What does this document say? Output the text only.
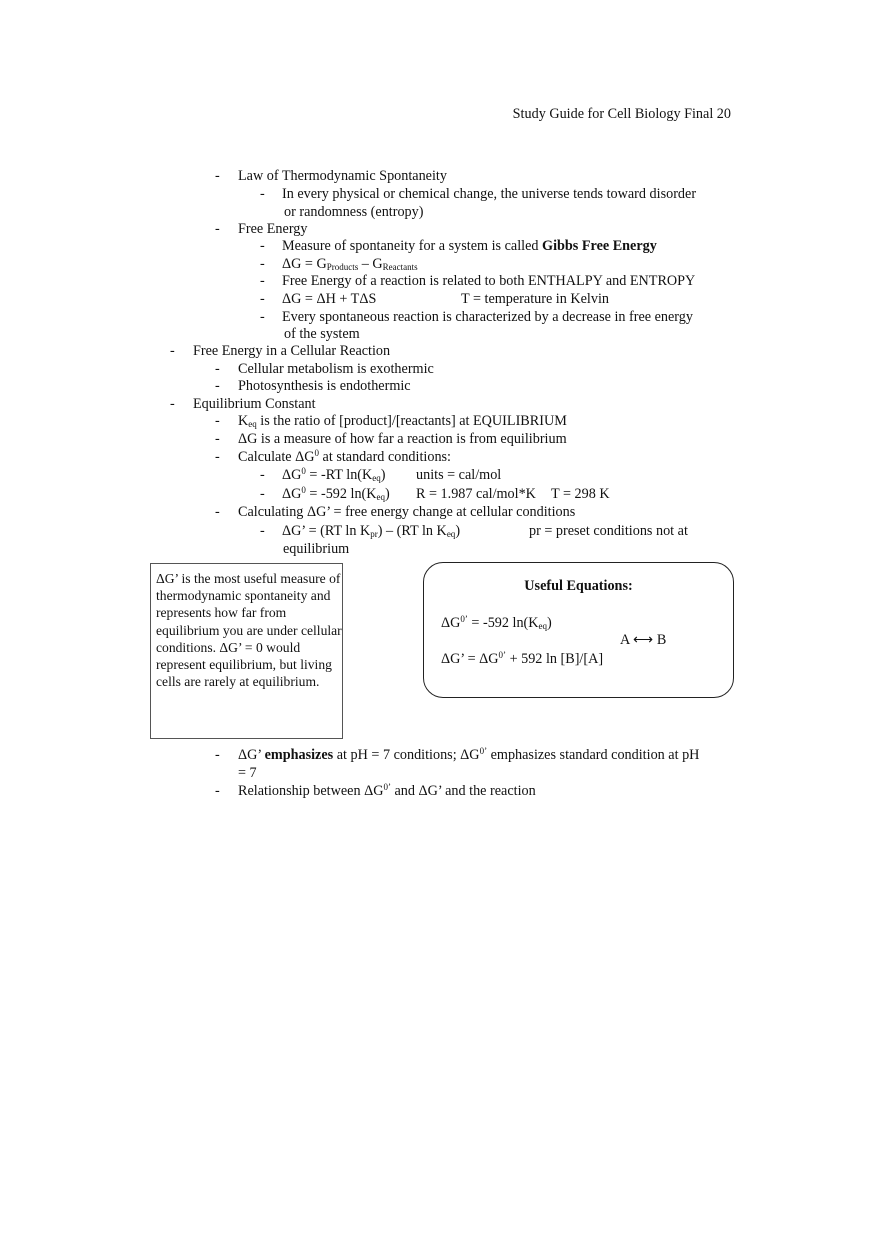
Study Guide for Cell Biology Final 20
- Law of Thermodynamic Spontaneity
- In every physical or chemical change, the universe tends toward disorder
or randomness (entropy)
- Free Energy
- Measure of spontaneity for a system is called Gibbs Free Energy
- $\Delta G = G_{Products} - G_{Reactants}$
- Free Energy of a reaction is related to both ENTHALPY and ENTROPY
- ΔG = ΔH + TΔS	T = temperature in Kelvin
- Every spontaneous reaction is characterized by a decrease in free energy
of the system
- Free Energy in a Cellular Reaction
- Cellular metabolism is exothermic
- Photosynthesis is endothermic
- Equilibrium Constant
- $K_{eq}$ is the ratio of [product]/[reactants] at EQUILIBRIUM
- ΔG is a measure of how far a reaction is from equilibrium
- Calculate $\Delta G^0$ at standard conditions:
- $\Delta G^0 = -RT$ $\ln(K_{eq})$ units = cal/mol
- $\Delta G^0 = -592$ $\ln(K_{eq}) R = 1.987$ cal/mol*K T = 298 K
- Calculating ΔG’ = free energy change at cellular conditions
- ΔG’ = (RT $\ln K_{pr}) - (RT$ $\ln K_{eq}$)	pr = preset conditions not at
equilibrium
ΔG’ is the most useful measure of thermodynamic spontaneity and represents how far from equilibrium you are under cellular conditions. ΔG’ = 0 would represent equilibrium, but living cells are rarely at equilibrium.
Useful Equations:
$\Delta G^{0’} = -592$ $\ln(K_{eq})$
A ⟷ B
ΔG’ = $\Delta G^{0’} + 592$ ln [B]/[A]
- ΔG’ emphasizes at pH = 7 conditions; $\Delta G^{0’}$ emphasizes standard condition at pH
= 7
- Relationship between $\Delta G^{0’}$ and ΔG’ and the reaction
